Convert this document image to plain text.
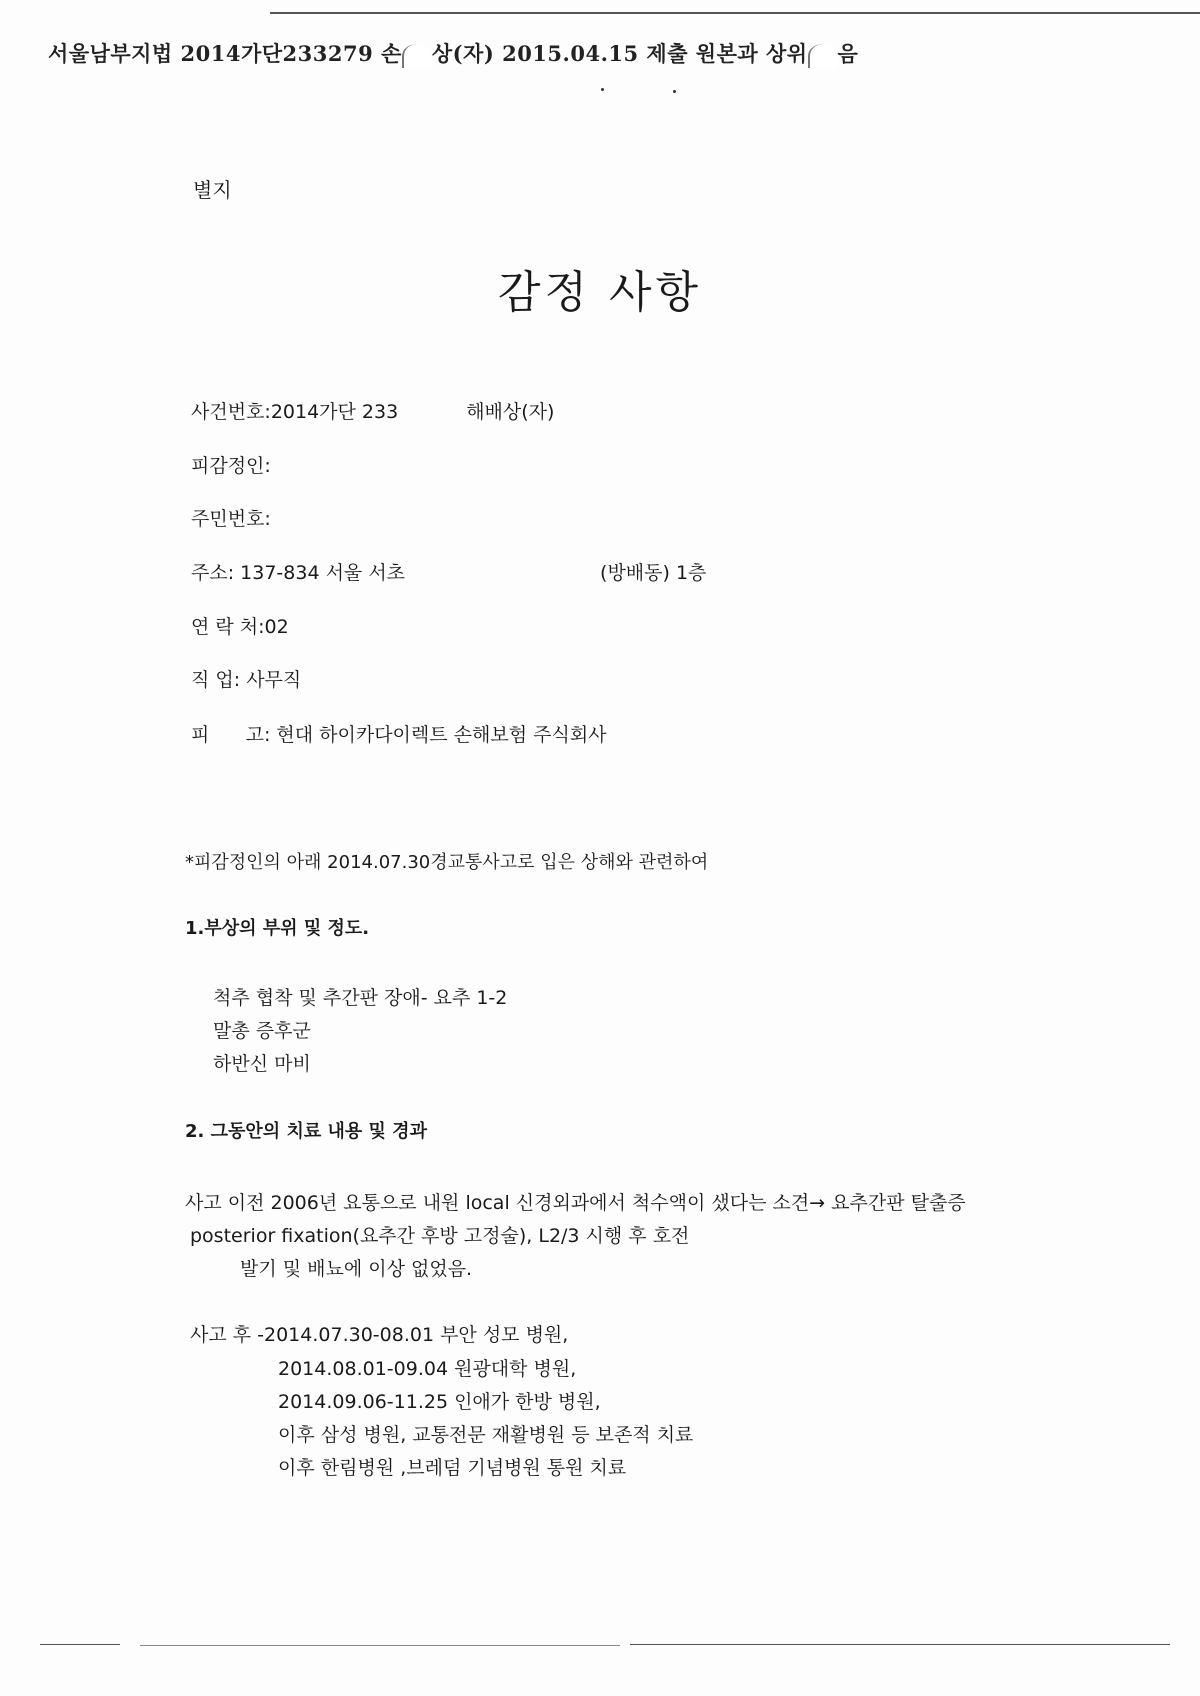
서울남부지법 2014가단233279 손 상(자) 2015.04.15 제출 원본과 상위 음
별지
감정 사항
사건번호:2014가단 233	해배상(자)
피감정인:
주민번호:
주소: 137-834 서울 서초	(방배동) 1층
연 락 처:02
직 업: 사무직
피      고: 현대 하이카다이렉트 손해보험 주식회사
*피감정인의 아래 2014.07.30경교통사고로 입은 상해와 관련하여
1.부상의 부위 및 정도.
척추 협착 및 추간판 장애- 요추 1-2
말총 증후군
하반신 마비
2. 그동안의 치료 내용 및 경과
사고 이전 2006년 요통으로 내원 local 신경외과에서 척수액이 샜다는 소견→ 요추간판 탈출증
posterior fixation(요추간 후방 고정술), L2/3 시행 후 호전
발기 및 배뇨에 이상 없었음.
사고 후 -2014.07.30-08.01 부안 성모 병원,
2014.08.01-09.04 원광대학 병원,
2014.09.06-11.25 인애가 한방 병원,
이후 삼성 병원, 교통전문 재활병원 등 보존적 치료
이후 한림병원 ,브레덤 기념병원 통원 치료
